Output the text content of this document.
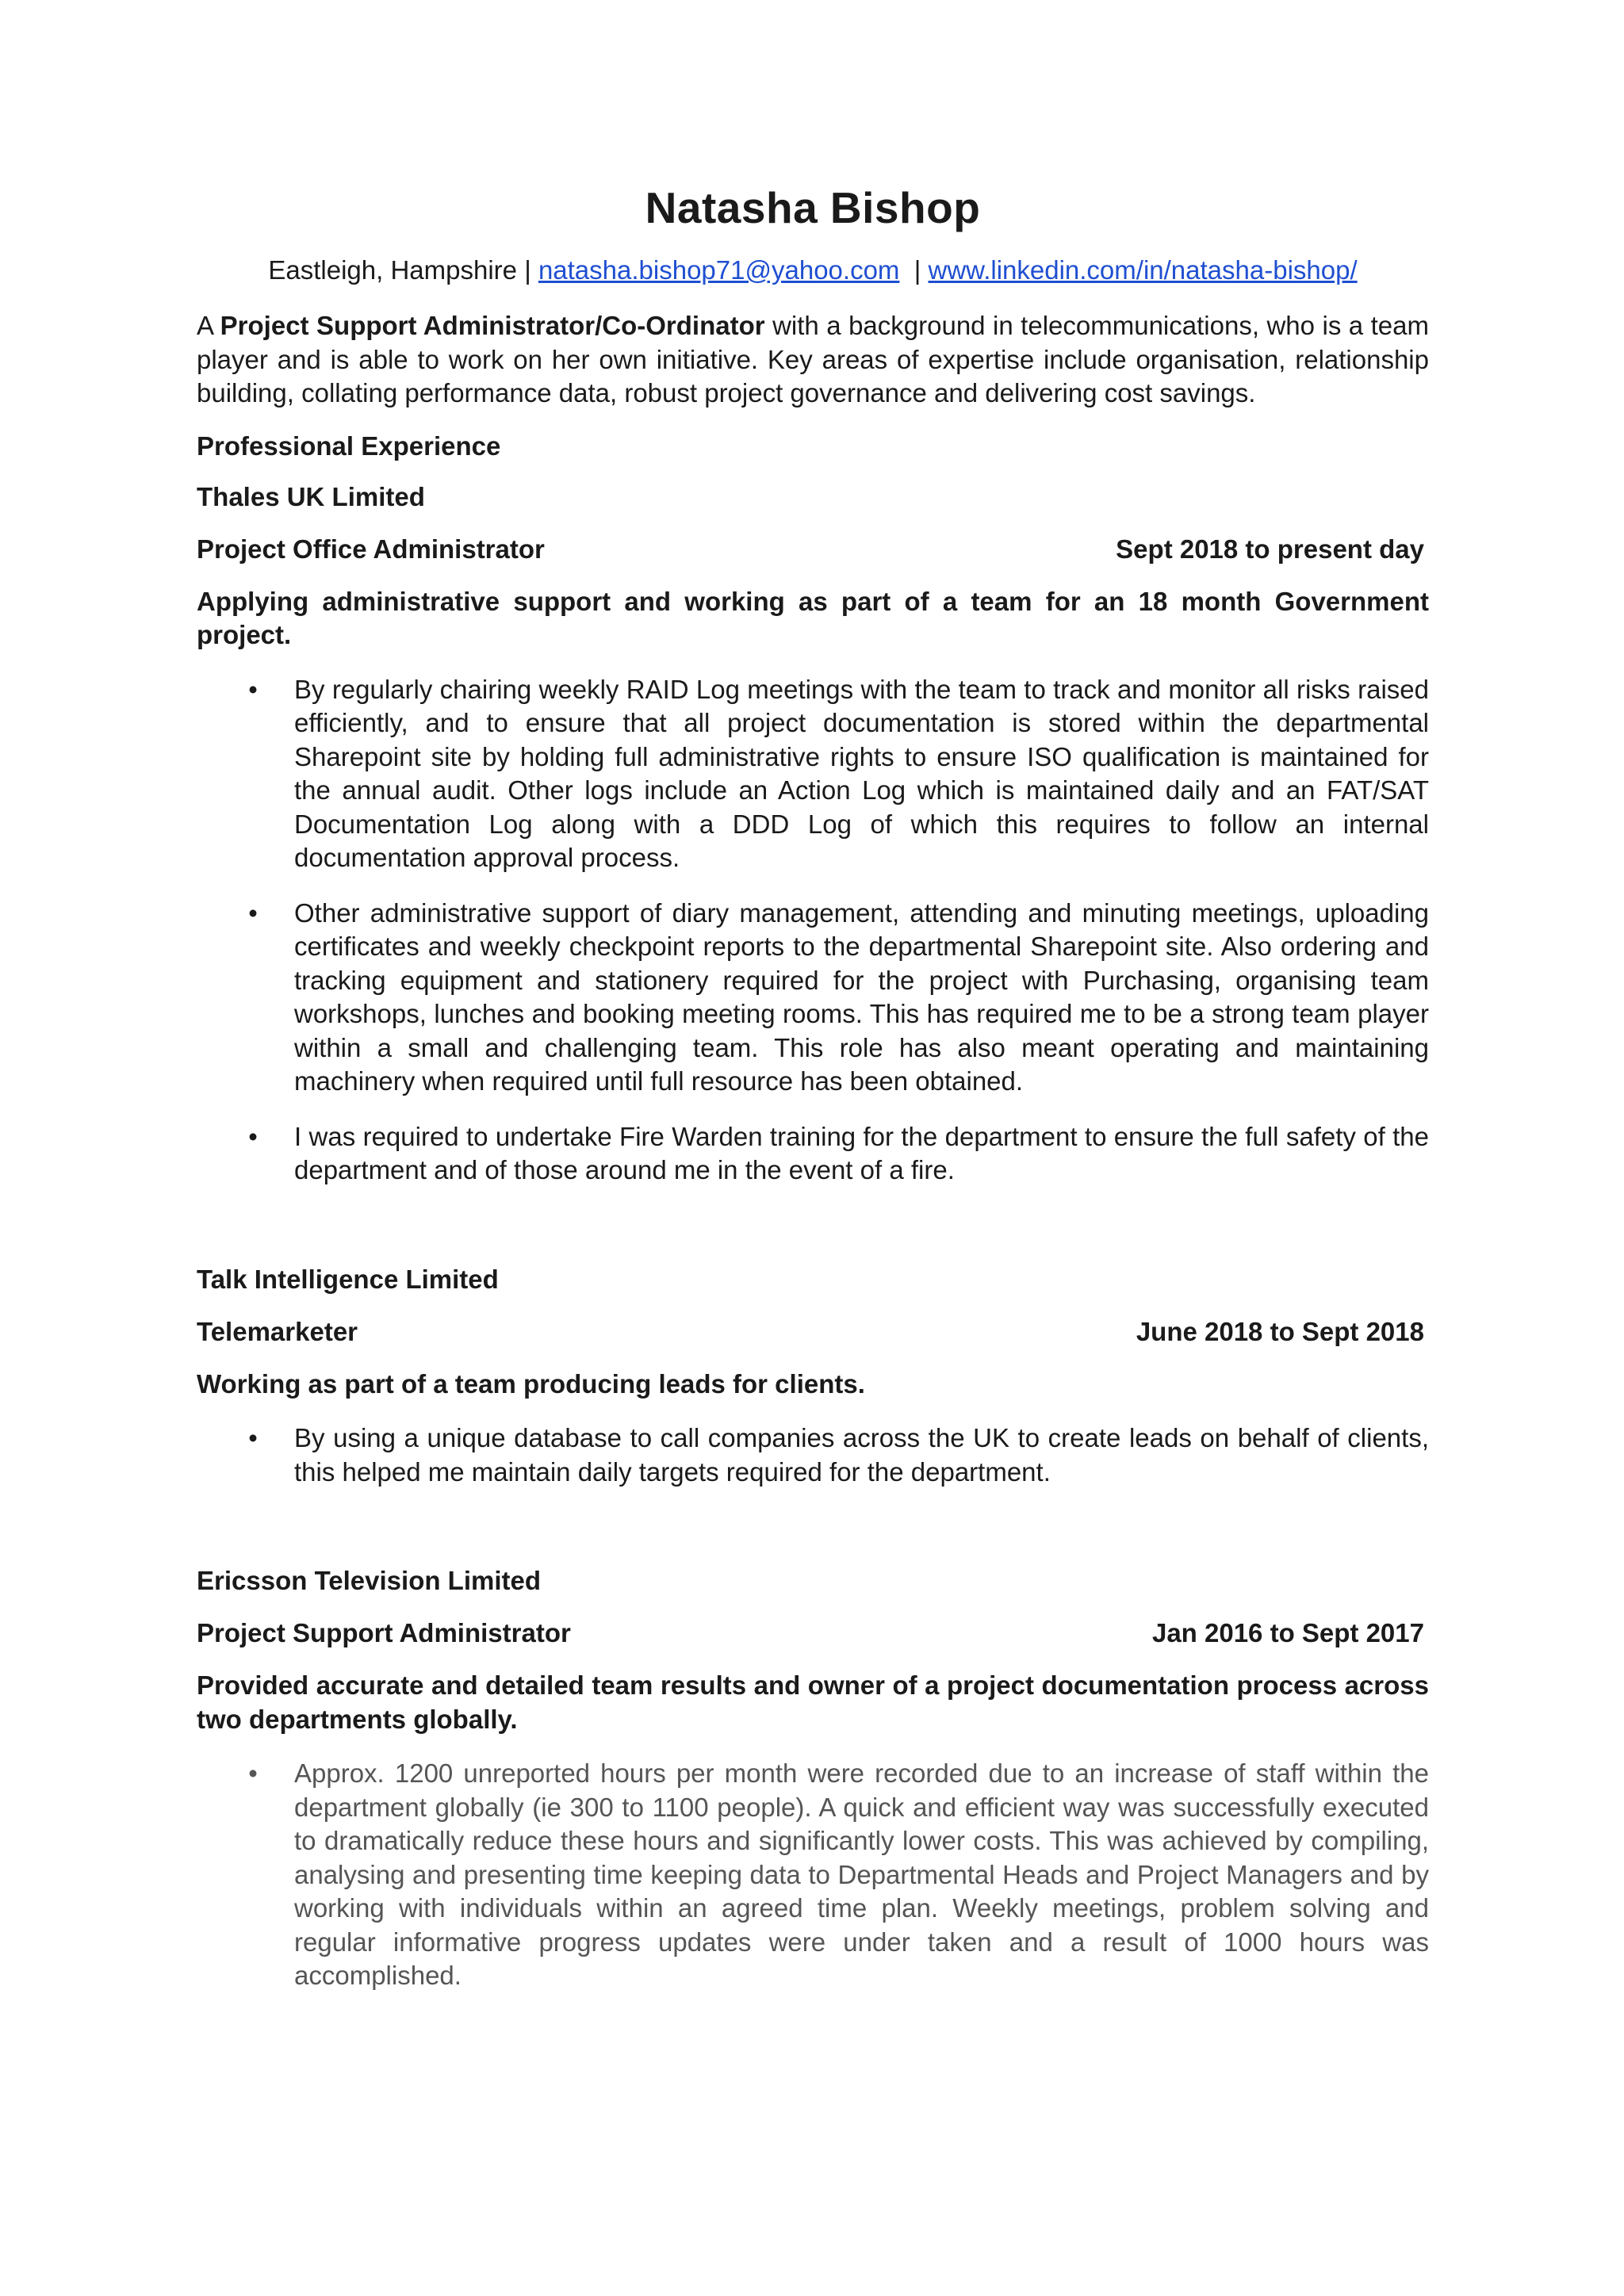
Natasha Bishop
Eastleigh, Hampshire | natasha.bishop71@yahoo.com | www.linkedin.com/in/natasha-bishop/

A Project Support Administrator/Co-Ordinator with a background in telecommunications, who is a team player and is able to work on her own initiative. Key areas of expertise include organisation, relationship building, collating performance data, robust project governance and delivering cost savings.

Professional Experience
Thales UK Limited
Project Office Administrator	Sept 2018 to present day

Applying administrative support and working as part of a team for an 18 month Government project.

• By regularly chairing weekly RAID Log meetings with the team to track and monitor all risks raised efficiently, and to ensure that all project documentation is stored within the departmental Sharepoint site by holding full administrative rights to ensure ISO qualification is maintained for the annual audit. Other logs include an Action Log which is maintained daily and an FAT/SAT Documentation Log along with a DDD Log of which this requires to follow an internal documentation approval process.
• Other administrative support of diary management, attending and minuting meetings, uploading certificates and weekly checkpoint reports to the departmental Sharepoint site. Also ordering and tracking equipment and stationery required for the project with Purchasing, organising team workshops, lunches and booking meeting rooms. This has required me to be a strong team player within a small and challenging team. This role has also meant operating and maintaining machinery when required until full resource has been obtained.
• I was required to undertake Fire Warden training for the department to ensure the full safety of the department and of those around me in the event of a fire.
Talk Intelligence Limited
Telemarketer	June 2018 to Sept 2018

Working as part of a team producing leads for clients.

• By using a unique database to call companies across the UK to create leads on behalf of clients, this helped me maintain daily targets required for the department.
Ericsson Television Limited
Project Support Administrator	Jan 2016 to Sept 2017

Provided accurate and detailed team results and owner of a project documentation process across two departments globally.

• Approx. 1200 unreported hours per month were recorded due to an increase of staff within the department globally (ie 300 to 1100 people). A quick and efficient way was successfully executed to dramatically reduce these hours and significantly lower costs. This was achieved by compiling, analysing and presenting time keeping data to Departmental Heads and Project Managers and by working with individuals within an agreed time plan. Weekly meetings, problem solving and regular informative progress updates were under taken and a result of 1000 hours was accomplished.
